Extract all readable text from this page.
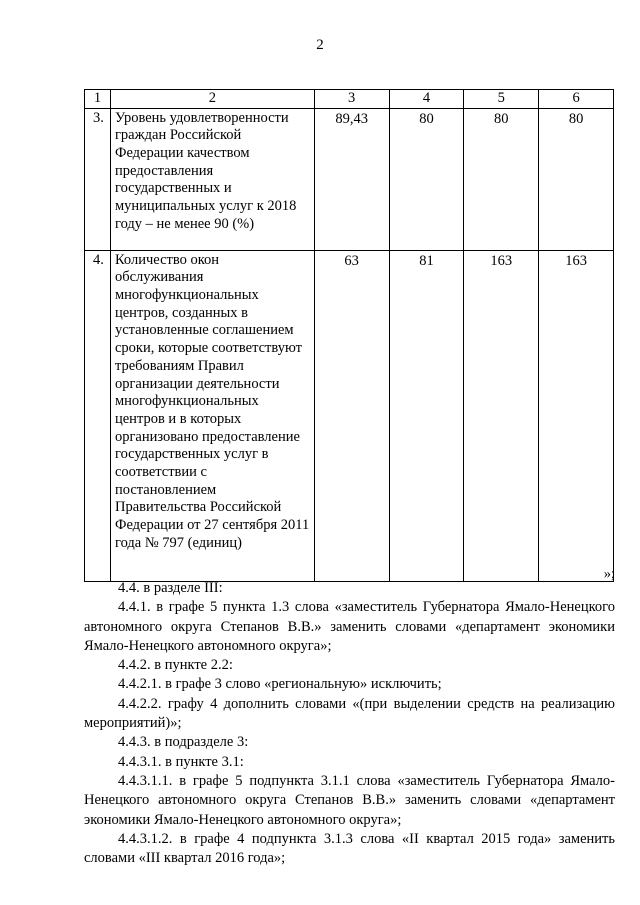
2
1	2	3	4	5	6
3.	Уровень удовлетворенности граждан Российской Федерации качеством предоставления государственных и муниципальных услуг к 2018 году – не менее 90 (%)	89,43	80	80	80
4.	Количество окон обслуживания многофункциональных центров, созданных в установленные соглашением сроки, которые соответствуют требованиям Правил организации деятельности многофункциональных центров и в которых организовано предоставление государственных услуг в соответствии с постановлением Правительства Российской Федерации от 27 сентября 2011 года № 797 (единиц)	63	81	163	163
»;

4.4. в разделе III:

4.4.1. в графе 5 пункта 1.3 слова «заместитель Губернатора Ямало-Ненецкого автономного округа Степанов В.В.» заменить словами «департамент экономики Ямало-Ненецкого автономного округа»;

4.4.2. в пункте 2.2:

4.4.2.1. в графе 3 слово «региональную» исключить;

4.4.2.2. графу 4 дополнить словами «(при выделении средств на реализацию мероприятий)»;

4.4.3. в подразделе 3:

4.4.3.1. в пункте 3.1:

4.4.3.1.1. в графе 5 подпункта 3.1.1 слова «заместитель Губернатора Ямало-Ненецкого автономного округа Степанов В.В.» заменить словами «департамент экономики Ямало-Ненецкого автономного округа»;

4.4.3.1.2. в графе 4 подпункта 3.1.3 слова «II квартал 2015 года» заменить словами «III квартал 2016 года»;
